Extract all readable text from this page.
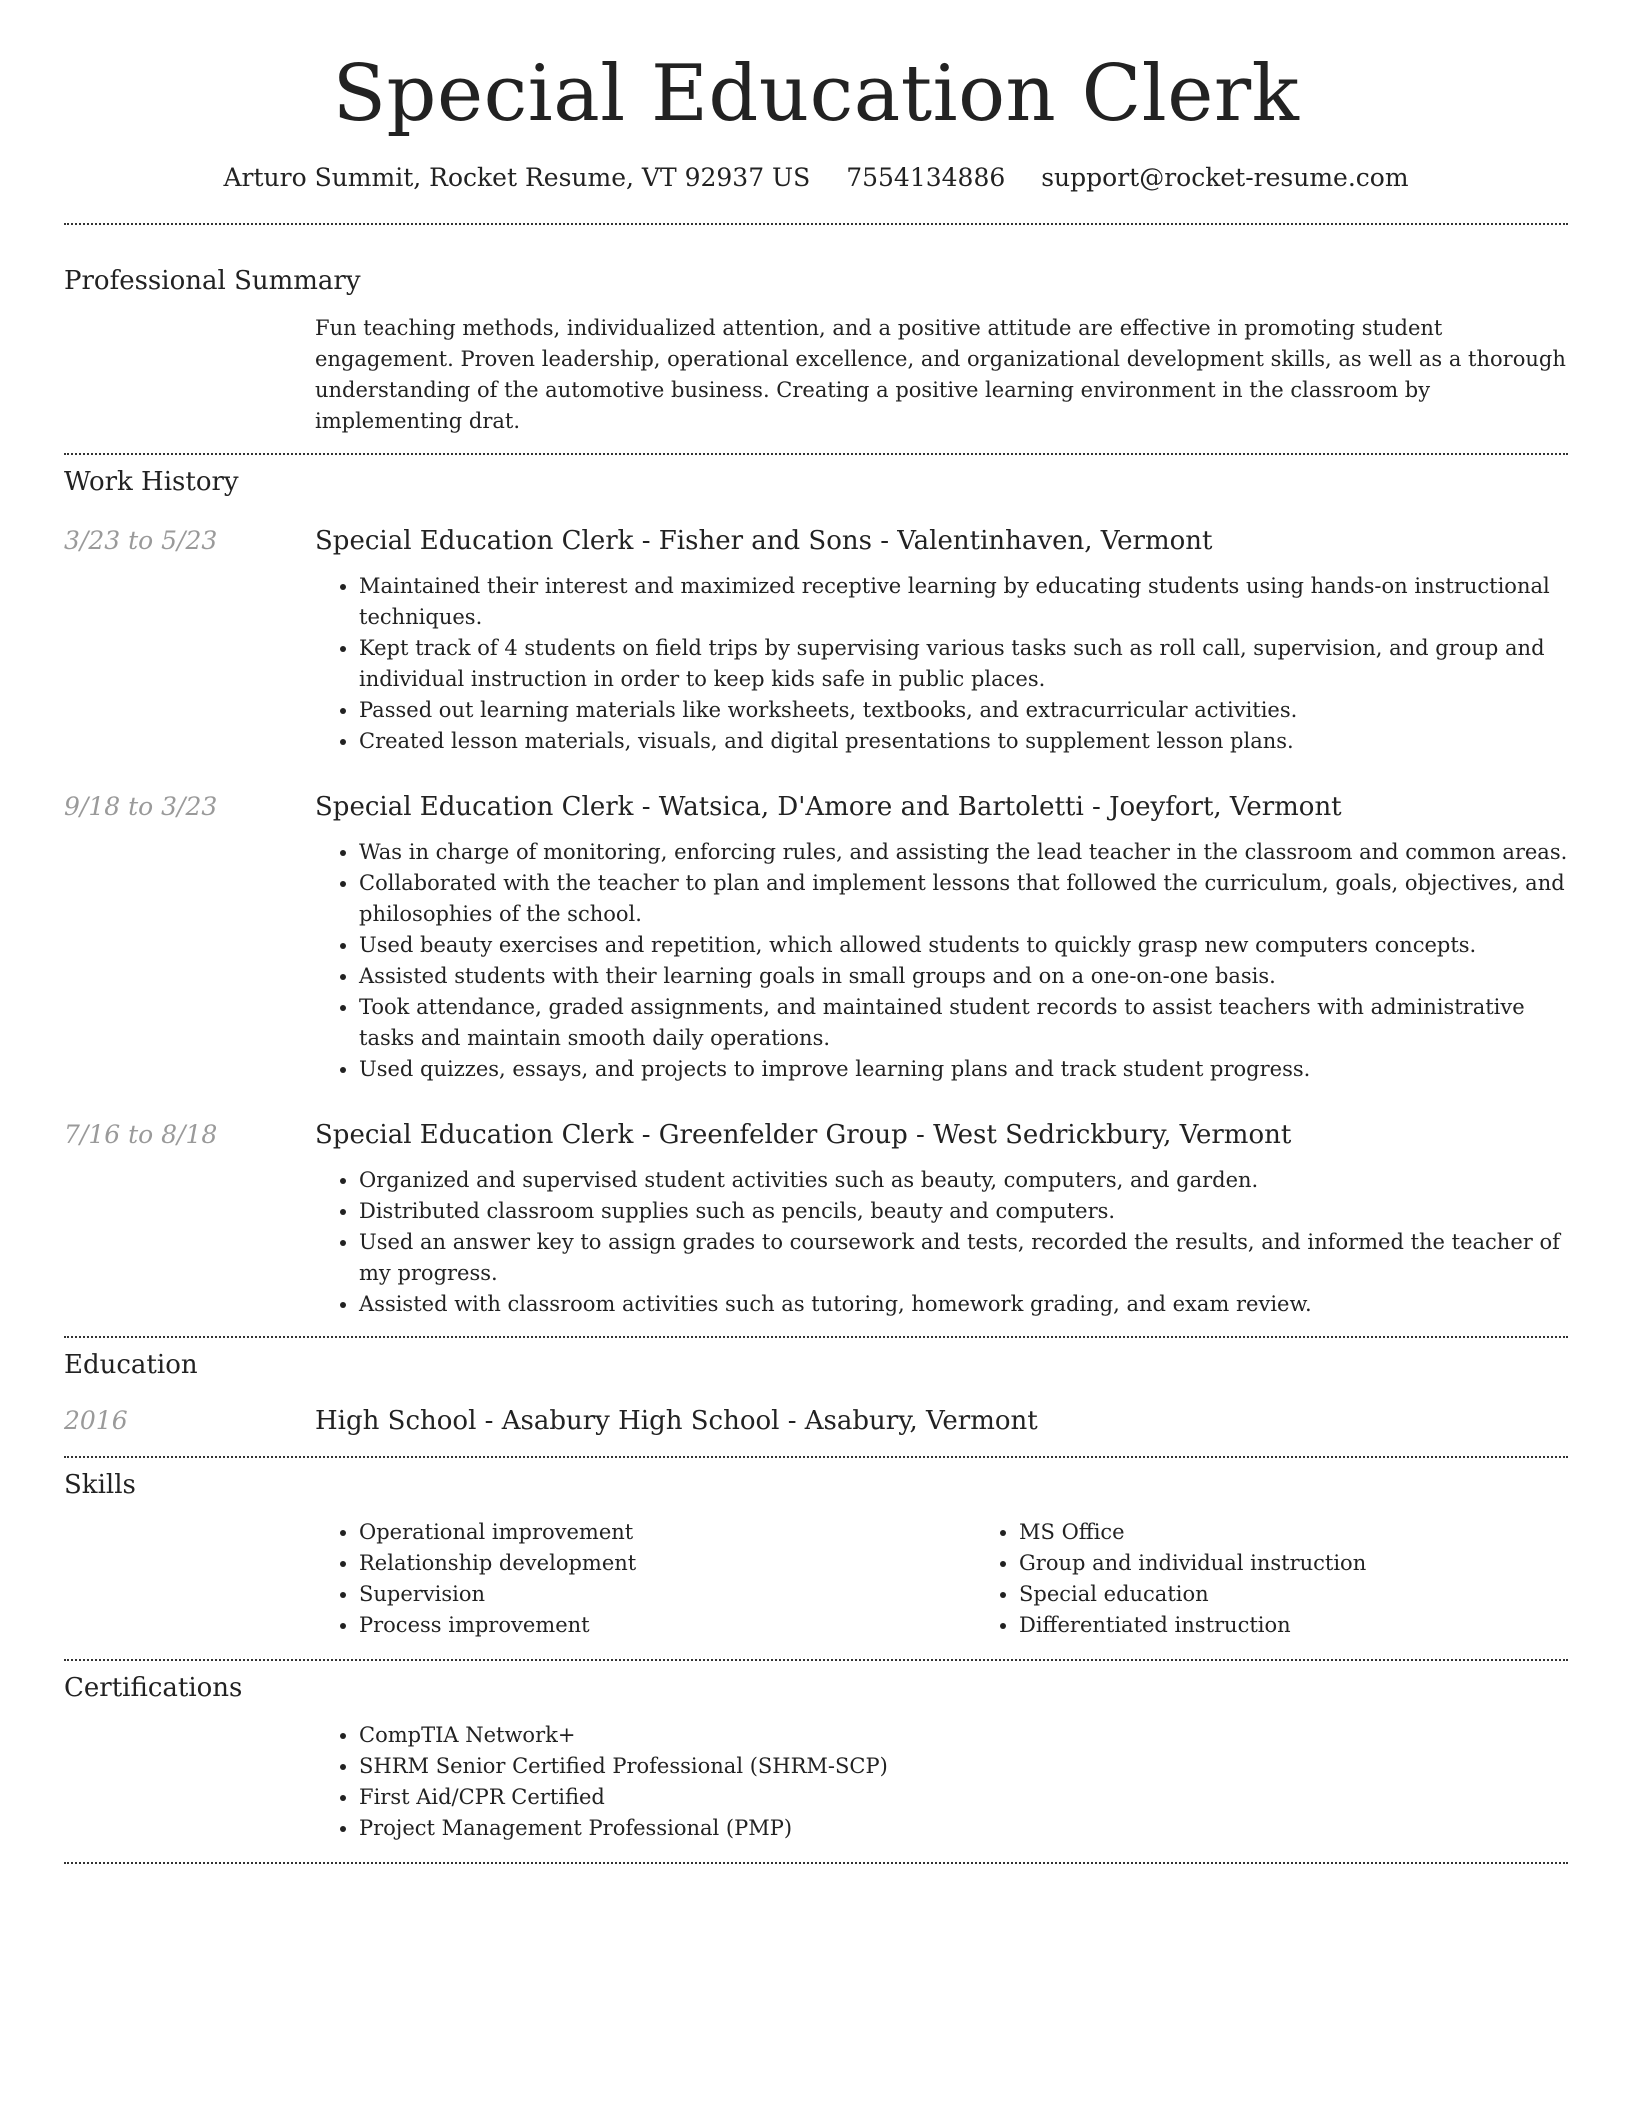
Special Education Clerk
Arturo Summit, Rocket Resume, VT 92937 US 7554134886 support@rocket-resume.com
Professional Summary
Fun teaching methods, individualized attention, and a positive attitude are effective in promoting student engagement. Proven leadership, operational excellence, and organizational development skills, as well as a thorough understanding of the automotive business. Creating a positive learning environment in the classroom by implementing drat.
Work History
3/23 to 5/23	Special Education Clerk - Fisher and Sons - Valentinhaven, Vermont
• Maintained their interest and maximized receptive learning by educating students using hands-on instructional techniques.
• Kept track of 4 students on field trips by supervising various tasks such as roll call, supervision, and group and individual instruction in order to keep kids safe in public places.
• Passed out learning materials like worksheets, textbooks, and extracurricular activities.
• Created lesson materials, visuals, and digital presentations to supplement lesson plans.
9/18 to 3/23	Special Education Clerk - Watsica, D'Amore and Bartoletti - Joeyfort, Vermont
• Was in charge of monitoring, enforcing rules, and assisting the lead teacher in the classroom and common areas.
• Collaborated with the teacher to plan and implement lessons that followed the curriculum, goals, objectives, and philosophies of the school.
• Used beauty exercises and repetition, which allowed students to quickly grasp new computers concepts.
• Assisted students with their learning goals in small groups and on a one-on-one basis.
• Took attendance, graded assignments, and maintained student records to assist teachers with administrative tasks and maintain smooth daily operations.
• Used quizzes, essays, and projects to improve learning plans and track student progress.
7/16 to 8/18	Special Education Clerk - Greenfelder Group - West Sedrickbury, Vermont
• Organized and supervised student activities such as beauty, computers, and garden.
• Distributed classroom supplies such as pencils, beauty and computers.
• Used an answer key to assign grades to coursework and tests, recorded the results, and informed the teacher of my progress.
• Assisted with classroom activities such as tutoring, homework grading, and exam review.
Education
2016	High School - Asabury High School - Asabury, Vermont
Skills
• Operational improvement
• Relationship development
• Supervision
• Process improvement
• MS Office
• Group and individual instruction
• Special education
• Differentiated instruction
Certifications
• CompTIA Network+
• SHRM Senior Certified Professional (SHRM-SCP)
• First Aid/CPR Certified
• Project Management Professional (PMP)
